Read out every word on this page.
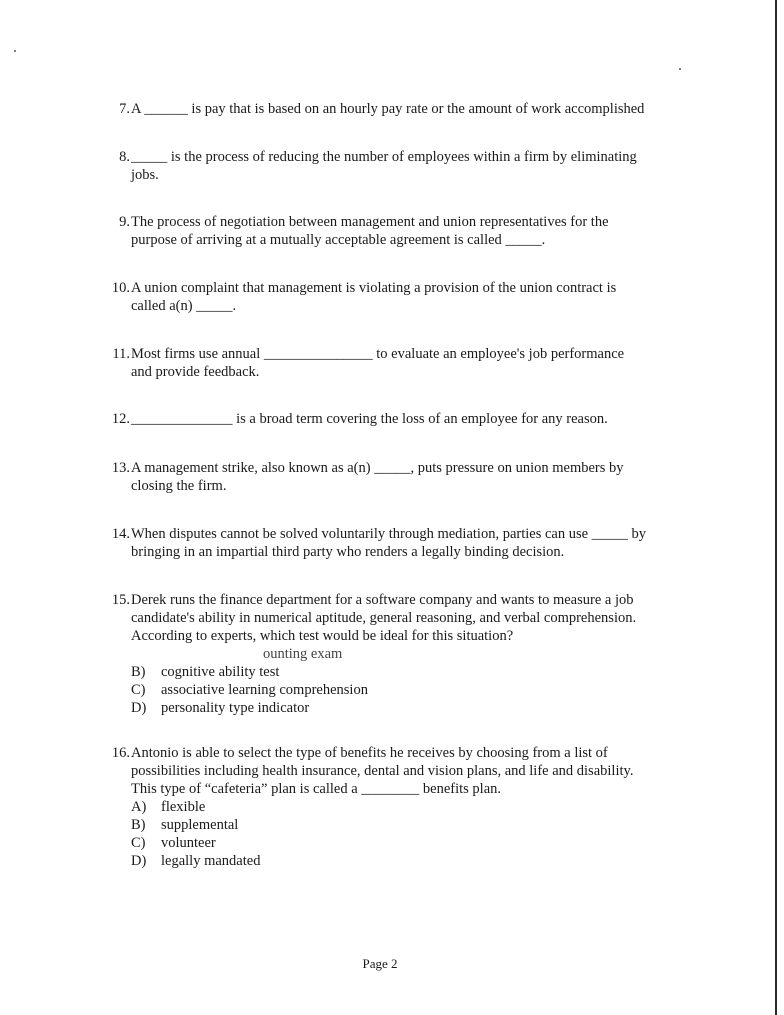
7. A ______ is pay that is based on an hourly pay rate or the amount of work accomplished
8. _____ is the process of reducing the number of employees within a firm by eliminating
jobs.
9. The process of negotiation between management and union representatives for the
purpose of arriving at a mutually acceptable agreement is called _____.
10. A union complaint that management is violating a provision of the union contract is
called a(n) _____.
11. Most firms use annual _______________ to evaluate an employee's job performance
and provide feedback.
12. ______________ is a broad term covering the loss of an employee for any reason.
13. A management strike, also known as a(n) _____, puts pressure on union members by
closing the firm.
14. When disputes cannot be solved voluntarily through mediation, parties can use _____ by
bringing in an impartial third party who renders a legally binding decision.
15. Derek runs the finance department for a software company and wants to measure a job
candidate's ability in numerical aptitude, general reasoning, and verbal comprehension.
According to experts, which test would be ideal for this situation?
ounting exam
B) cognitive ability test
C) associative learning comprehension
D) personality type indicator
16. Antonio is able to select the type of benefits he receives by choosing from a list of
possibilities including health insurance, dental and vision plans, and life and disability.
This type of “cafeteria” plan is called a ________ benefits plan.
A) flexible
B) supplemental
C) volunteer
D) legally mandated
Page 2
